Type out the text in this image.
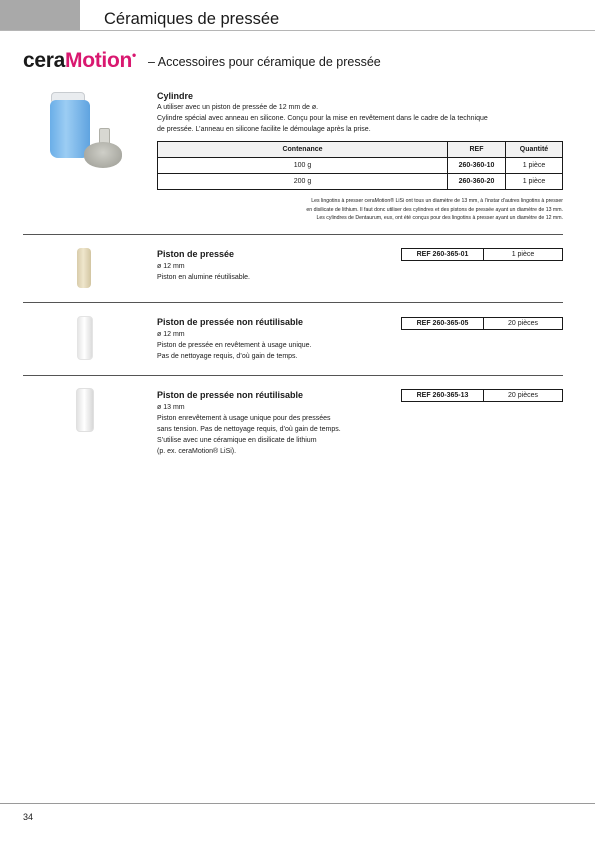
Céramiques de pressée
ceraMotion• – Accessoires pour céramique de pressée
Cylindre
A utiliser avec un piston de pressée de 12 mm de ø.
Cylindre spécial avec anneau en silicone. Conçu pour la mise en revêtement dans le cadre de la technique
de pressée. L’anneau en silicone facilite le démoulage après la prise.
Contenance	REF	Quantité
100 g	260-360-10	1 pièce
200 g	260-360-20	1 pièce
Les lingotins à presser ceraMotion® LiSi ont tous un diamètre de 13 mm, à l’instar d’autres lingotins à presser
en disilicate de lithium. Il faut donc utiliser des cylindres et des pistons de pressée ayant un diamètre de 13 mm.
Les cylindres de Dentaurum, eux, ont été conçus pour des lingotins à presser ayant un diamètre de 12 mm.
Piston de pressée
ø 12 mm
Piston en alumine réutilisable.
REF 260-365-01	1 pièce
Piston de pressée non réutilisable
ø 12 mm
Piston de pressée en revêtement à usage unique.
Pas de nettoyage requis, d’où gain de temps.
REF 260-365-05	20 pièces
Piston de pressée non réutilisable
ø 13 mm
Piston enrevêtement à usage unique pour des pressées
sans tension. Pas de nettoyage requis, d’où gain de temps.
S’utilise avec une céramique en disilicate de lithium
(p. ex. ceraMotion® LiSi).
REF 260-365-13	20 pièces
34
